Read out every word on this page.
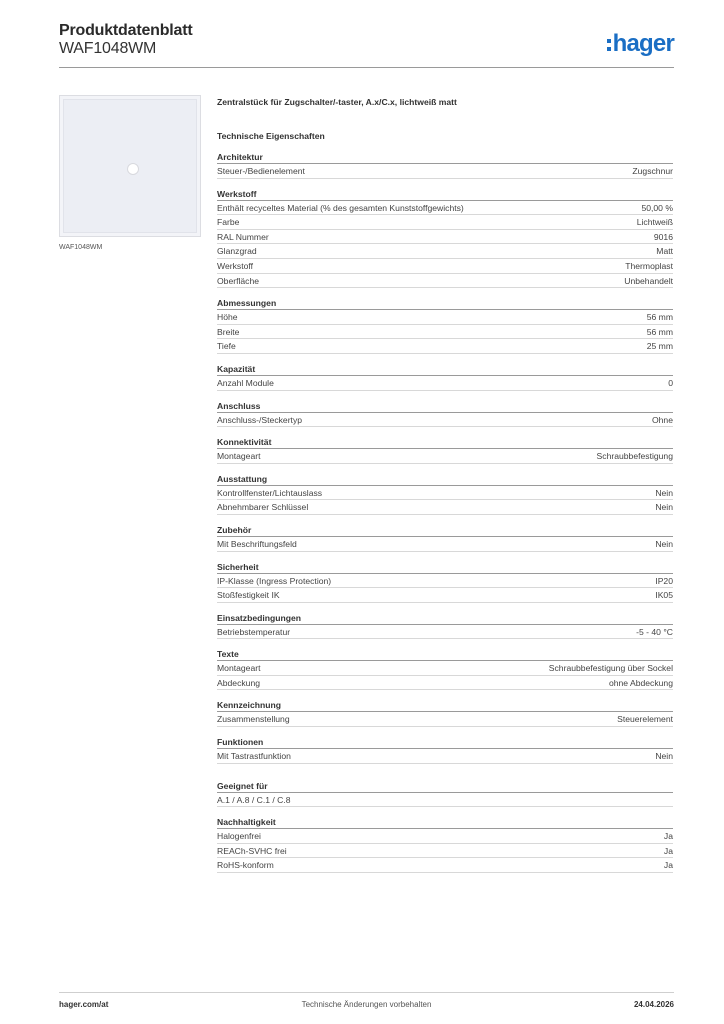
Produktdatenblatt
WAF1048WM	hager
WAF1048WM
Zentralstück für Zugschalter/-taster, A.x/C.x, lichtweiß matt
Technische Eigenschaften
Architektur
Steuer-/Bedienelement	Zugschnur
Werkstoff
Enthält recyceltes Material (% des gesamten Kunststoffgewichts)	50,00 %
Farbe	Lichtweiß
RAL Nummer	9016
Glanzgrad	Matt
Werkstoff	Thermoplast
Oberfläche	Unbehandelt
Abmessungen
Höhe	56 mm
Breite	56 mm
Tiefe	25 mm
Kapazität
Anzahl Module	0
Anschluss
Anschluss-/Steckertyp	Ohne
Konnektivität
Montageart	Schraubbefestigung
Ausstattung
Kontrollfenster/Lichtauslass	Nein
Abnehmbarer Schlüssel	Nein
Zubehör
Mit Beschriftungsfeld	Nein
Sicherheit
IP-Klasse (Ingress Protection)	IP20
Stoßfestigkeit IK	IK05
Einsatzbedingungen
Betriebstemperatur	-5 - 40 °C
Texte
Montageart	Schraubbefestigung über Sockel
Abdeckung	ohne Abdeckung
Kennzeichnung
Zusammenstellung	Steuerelement
Funktionen
Mit Tastrastfunktion	Nein
Geeignet für
A.1 / A.8 / C.1 / C.8
Nachhaltigkeit
Halogenfrei	Ja
REACh-SVHC frei	Ja
RoHS-konform	Ja
Technische Änderungen vorbehalten
hager.com/at	24.04.2026
